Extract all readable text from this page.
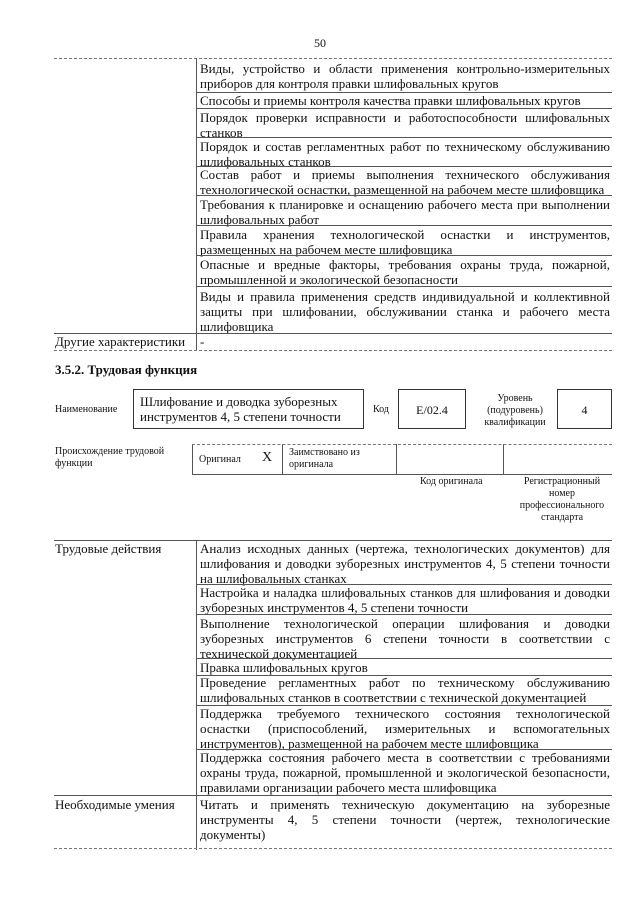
50
Виды, устройство и области применения контрольно-измерительных приборов для контроля правки шлифовальных кругов
Способы и приемы контроля качества правки шлифовальных кругов
Порядок проверки исправности и работоспособности шлифовальных станков
Порядок и состав регламентных работ по техническому обслуживанию шлифовальных станков
Состав работ и приемы выполнения технического обслуживания технологической оснастки, размещенной на рабочем месте шлифовщика
Требования к планировке и оснащению рабочего места при выполнении шлифовальных работ
Правила хранения технологической оснастки и инструментов, размещенных на рабочем месте шлифовщика
Опасные и вредные факторы, требования охраны труда, пожарной, промышленной и экологической безопасности
Виды и правила применения средств индивидуальной и коллективной защиты при шлифовании, обслуживании станка и рабочего места шлифовщика
Другие характеристики -
3.5.2. Трудовая функция
Наименование
Шлифование и доводка зуборезных инструментов 4, 5 степени точности	Код	E/02.4
Уровень (подуровень) квалификации
4
Происхождение трудовой функции	Оригинал X Заимствовано из оригинала
Код оригинала	Регистрационный номер профессионального стандарта
Трудовые действия	Анализ исходных данных (чертежа, технологических документов) для шлифования и доводки зуборезных инструментов 4, 5 степени точности на шлифовальных станках
Настройка и наладка шлифовальных станков для шлифования и доводки зуборезных инструментов 4, 5 степени точности
Выполнение технологической операции шлифования и доводки зуборезных инструментов 6 степени точности в соответствии с технической документацией
Правка шлифовальных кругов
Проведение регламентных работ по техническому обслуживанию шлифовальных станков в соответствии с технической документацией
Поддержка требуемого технического состояния технологической оснастки (приспособлений, измерительных и вспомогательных инструментов), размещенной на рабочем месте шлифовщика
Поддержка состояния рабочего места в соответствии с требованиями охраны труда, пожарной, промышленной и экологической безопасности, правилами организации рабочего места шлифовщика
Необходимые умения Читать и применять техническую документацию на зуборезные инструменты 4, 5 степени точности (чертеж, технологические документы)
